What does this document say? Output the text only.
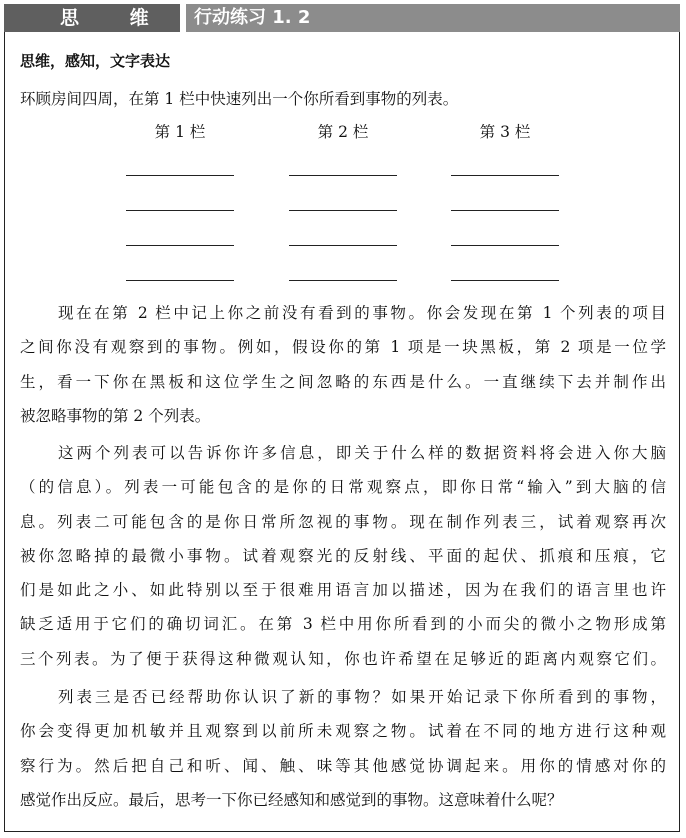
思 维	行动练习 1. 2
思维，感知，文字表达
环顾房间四周，在第 1 栏中快速列出一个你所看到事物的列表。
第 1 栏	第 2 栏	第 3 栏
现在在第 2 栏中记上你之前没有看到的事物。你会发现在第 1 个列表的项目
之间你没有观察到的事物。例如，假设你的第 1 项是一块黑板，第 2 项是一位学
生，看一下你在黑板和这位学生之间忽略的东西是什么。一直继续下去并制作出
被忽略事物的第 2 个列表。
这两个列表可以告诉你许多信息，即关于什么样的数据资料将会进入你大脑
（的信息）。列表一可能包含的是你的日常观察点，即你日常“输入”到大脑的信
息。列表二可能包含的是你日常所忽视的事物。现在制作列表三，试着观察再次
被你忽略掉的最微小事物。试着观察光的反射线、平面的起伏、抓痕和压痕，它
们是如此之小、如此特别以至于很难用语言加以描述，因为在我们的语言里也许
缺乏适用于它们的确切词汇。在第 3 栏中用你所看到的小而尖的微小之物形成第
三个列表。为了便于获得这种微观认知，你也许希望在足够近的距离内观察它们。
列表三是否已经帮助你认识了新的事物？如果开始记录下你所看到的事物，
你会变得更加机敏并且观察到以前所未观察之物。试着在不同的地方进行这种观
察行为。然后把自己和听、闻、触、味等其他感觉协调起来。用你的情感对你的
感觉作出反应。最后，思考一下你已经感知和感觉到的事物。这意味着什么呢？
